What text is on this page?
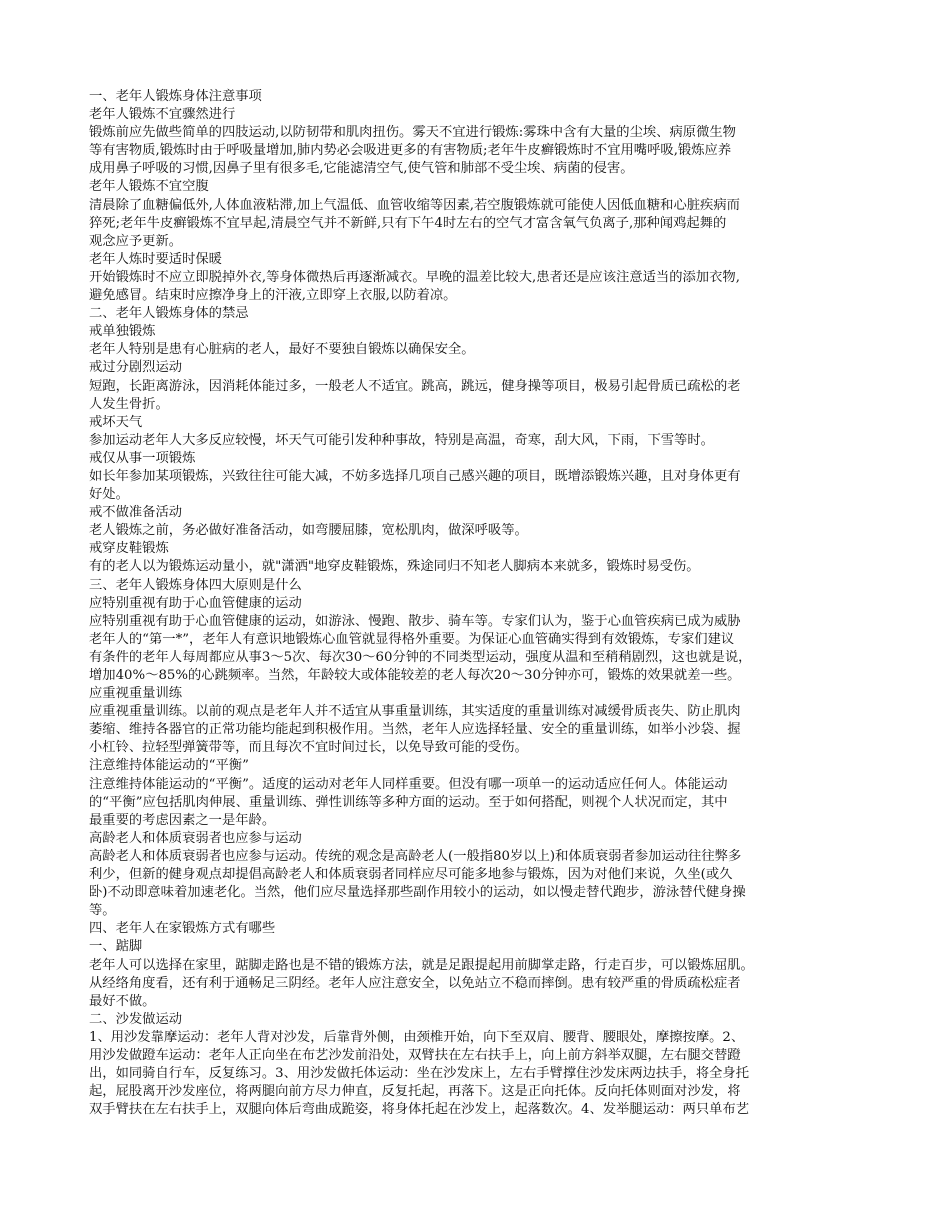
一、老年人锻炼身体注意事项
老年人锻炼不宜骤然进行
锻炼前应先做些简单的四肢运动,以防韧带和肌肉扭伤。雾天不宜进行锻炼:雾珠中含有大量的尘埃、病原微生物
等有害物质,锻炼时由于呼吸量增加,肺内势必会吸进更多的有害物质;老年牛皮癣锻炼时不宜用嘴呼吸,锻炼应养
成用鼻子呼吸的习惯,因鼻子里有很多毛,它能滤清空气,使气管和肺部不受尘埃、病菌的侵害。
老年人锻炼不宜空腹
清晨除了血糖偏低外,人体血液粘滞,加上气温低、血管收缩等因素,若空腹锻炼就可能使人因低血糖和心脏疾病而
猝死;老年牛皮癣锻炼不宜早起,清晨空气并不新鲜,只有下午4时左右的空气才富含氧气负离子,那种闻鸡起舞的
观念应予更新。
老年人炼时要适时保暖
开始锻炼时不应立即脱掉外衣,等身体微热后再逐渐减衣。早晚的温差比较大,患者还是应该注意适当的添加衣物,
避免感冒。结束时应擦净身上的汗液,立即穿上衣服,以防着凉。
二、老年人锻炼身体的禁忌
戒单独锻炼
老年人特别是患有心脏病的老人，最好不要独自锻炼以确保安全。
戒过分剧烈运动
短跑，长距离游泳，因消耗体能过多，一般老人不适宜。跳高，跳远，健身操等项目，极易引起骨质已疏松的老
人发生骨折。
戒坏天气
参加运动老年人大多反应较慢，坏天气可能引发种种事故，特别是高温，奇寒，刮大风，下雨，下雪等时。
戒仅从事一项锻炼
如长年参加某项锻炼，兴致往往可能大减，不妨多选择几项自己感兴趣的项目，既增添锻炼兴趣，且对身体更有
好处。
戒不做准备活动
老人锻炼之前，务必做好准备活动，如弯腰屈膝，宽松肌肉，做深呼吸等。
戒穿皮鞋锻炼
有的老人以为锻炼运动量小，就"潇洒"地穿皮鞋锻炼，殊途同归不知老人脚病本来就多，锻炼时易受伤。
三、老年人锻炼身体四大原则是什么
应特别重视有助于心血管健康的运动
应特别重视有助于心血管健康的运动，如游泳、慢跑、散步、骑车等。专家们认为，鉴于心血管疾病已成为威胁
老年人的“第一*”，老年人有意识地锻炼心血管就显得格外重要。为保证心血管确实得到有效锻炼，专家们建议
有条件的老年人每周都应从事3～5次、每次30～60分钟的不同类型运动，强度从温和至稍稍剧烈，这也就是说，
增加40%～85%的心跳频率。当然，年龄较大或体能较差的老人每次20～30分钟亦可，锻炼的效果就差一些。
应重视重量训练
应重视重量训练。以前的观点是老年人并不适宜从事重量训练，其实适度的重量训练对减缓骨质丧失、防止肌肉
萎缩、维持各器官的正常功能均能起到积极作用。当然，老年人应选择轻量、安全的重量训练，如举小沙袋、握
小杠铃、拉轻型弹簧带等，而且每次不宜时间过长，以免导致可能的受伤。
注意维持体能运动的“平衡”
注意维持体能运动的“平衡”。适度的运动对老年人同样重要。但没有哪一项单一的运动适应任何人。体能运动
的“平衡”应包括肌肉伸展、重量训练、弹性训练等多种方面的运动。至于如何搭配，则视个人状况而定，其中
最重要的考虑因素之一是年龄。
高龄老人和体质衰弱者也应参与运动
高龄老人和体质衰弱者也应参与运动。传统的观念是高龄老人(一般指80岁以上)和体质衰弱者参加运动往往弊多
利少，但新的健身观点却提倡高龄老人和体质衰弱者同样应尽可能多地参与锻炼，因为对他们来说，久坐(或久
卧)不动即意味着加速老化。当然，他们应尽量选择那些副作用较小的运动，如以慢走替代跑步，游泳替代健身操
等。
四、老年人在家锻炼方式有哪些
一、踮脚
老年人可以选择在家里，踮脚走路也是不错的锻炼方法，就是足跟提起用前脚掌走路，行走百步，可以锻炼屈肌。
从经络角度看，还有利于通畅足三阴经。老年人应注意安全，以免站立不稳而摔倒。患有较严重的骨质疏松症者
最好不做。
二、沙发做运动
1、用沙发靠摩运动：老年人背对沙发，后靠背外侧，由颈椎开始，向下至双肩、腰背、腰眼处，摩擦按摩。2、
用沙发做蹬车运动：老年人正向坐在布艺沙发前沿处，双臂扶在左右扶手上，向上前方斜举双腿，左右腿交替蹬
出，如同骑自行车，反复练习。3、用沙发做托体运动：坐在沙发床上，左右手臂撑住沙发床两边扶手，将全身托
起，屁股离开沙发座位，将两腿向前方尽力伸直，反复托起，再落下。这是正向托体。反向托体则面对沙发，将
双手臂扶在左右扶手上，双腿向体后弯曲成跪姿，将身体托起在沙发上，起落数次。4、发举腿运动：两只单布艺
